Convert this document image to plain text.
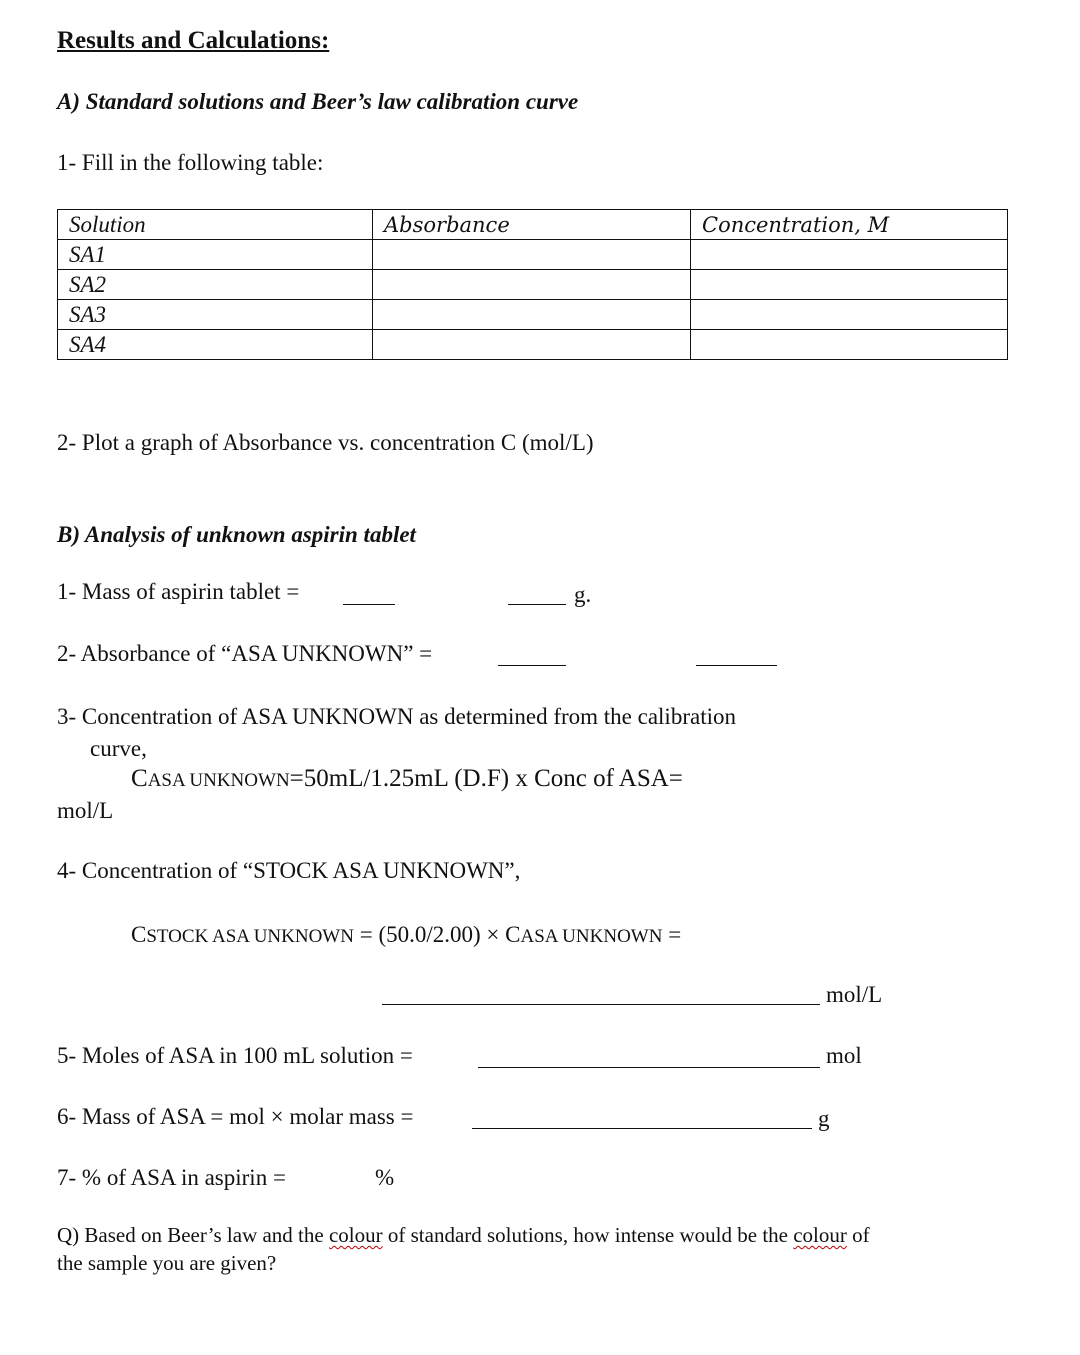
Results and Calculations:
A) Standard solutions and Beer’s law calibration curve
1- Fill in the following table:
Solution	Absorbance	Concentration, M
SA1		
SA2		
SA3		
SA4		
2- Plot a graph of Absorbance vs. concentration C (mol/L)
B) Analysis of unknown aspirin tablet
1- Mass of aspirin tablet =	g.
2- Absorbance of “ASA UNKNOWN” =
3- Concentration of ASA UNKNOWN as determined from the calibration
curve,
CASA UNKNOWN=50mL/1.25mL (D.F) x Conc of ASA=
mol/L
4- Concentration of “STOCK ASA UNKNOWN”,
CSTOCK ASA UNKNOWN = (50.0/2.00) × CASA UNKNOWN =
mol/L
5- Moles of ASA in 100 mL solution =	mol
6- Mass of ASA = mol × molar mass =	g
7- % of ASA in aspirin =	%
Q) Based on Beer’s law and the colour of standard solutions, how intense would be the colour of
the sample you are given?
